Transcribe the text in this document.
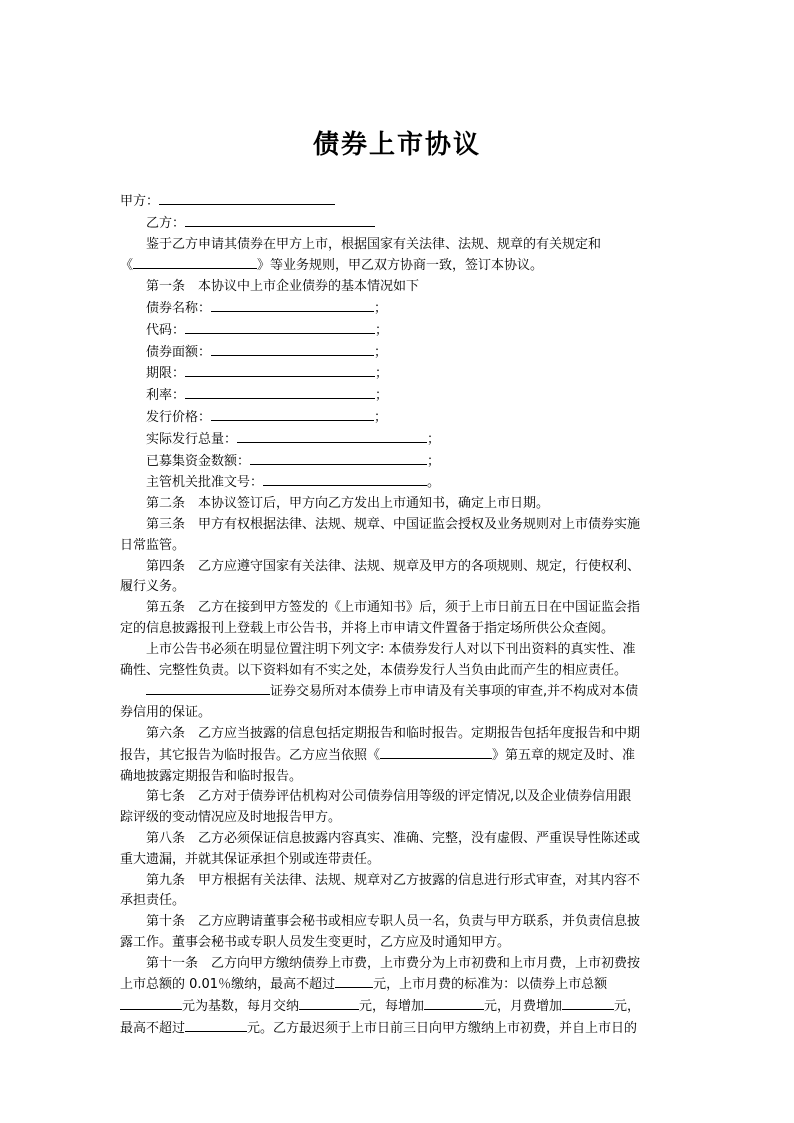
债券上市协议

甲方：

乙方：

鉴于乙方申请其债券在甲方上市，根据国家有关法律、法规、规章的有关规定和
《	》等业务规则，甲乙双方协商一致，签订本协议。

第一条　本协议中上市企业债券的基本情况如下

债券名称：	；

代码：	；

债券面额：	；

期限：	；

利率：	；

发行价格：	；

实际发行总量：	；

已募集资金数额：	；

主管机关批准文号：	。

第二条　本协议签订后，甲方向乙方发出上市通知书，确定上市日期。

第三条　甲方有权根据法律、法规、规章、中国证监会授权及业务规则对上市债券实施
日常监管。

第四条　乙方应遵守国家有关法律、法规、规章及甲方的各项规则、规定，行使权利、
履行义务。

第五条　乙方在接到甲方签发的《上市通知书》后，须于上市日前五日在中国证监会指
定的信息披露报刊上登载上市公告书，并将上市申请文件置备于指定场所供公众查阅。

上市公告书必须在明显位置注明下列文字: 本债券发行人对以下刊出资料的真实性、准
确性、完整性负责。以下资料如有不实之处，本债券发行人当负由此而产生的相应责任。

证券交易所对本债券上市申请及有关事项的审查,并不构成对本债
券信用的保证。

第六条　乙方应当披露的信息包括定期报告和临时报告。定期报告包括年度报告和中期
报告，其它报告为临时报告。乙方应当依照《	》第五章的规定及时、准
确地披露定期报告和临时报告。

第七条　乙方对于债券评估机构对公司债券信用等级的评定情况,以及企业债券信用跟
踪评级的变动情况应及时地报告甲方。

第八条　乙方必须保证信息披露内容真实、准确、完整，没有虚假、严重误导性陈述或
重大遗漏，并就其保证承担个别或连带责任。

第九条　甲方根据有关法律、法规、规章对乙方披露的信息进行形式审查，对其内容不
承担责任。

第十条　乙方应聘请董事会秘书或相应专职人员一名，负责与甲方联系，并负责信息披
露工作。董事会秘书或专职人员发生变更时，乙方应及时通知甲方。

第十一条　乙方向甲方缴纳债券上市费，上市费分为上市初费和上市月费，上市初费按
上市总额的 0.01％缴纳，最高不超过	元，上市月费的标准为：以债券上市总额
元为基数，每月交纳	元，每增加	元，月费增加	元，
最高不超过	元。乙方最迟须于上市日前三日向甲方缴纳上市初费，并自上市日的
